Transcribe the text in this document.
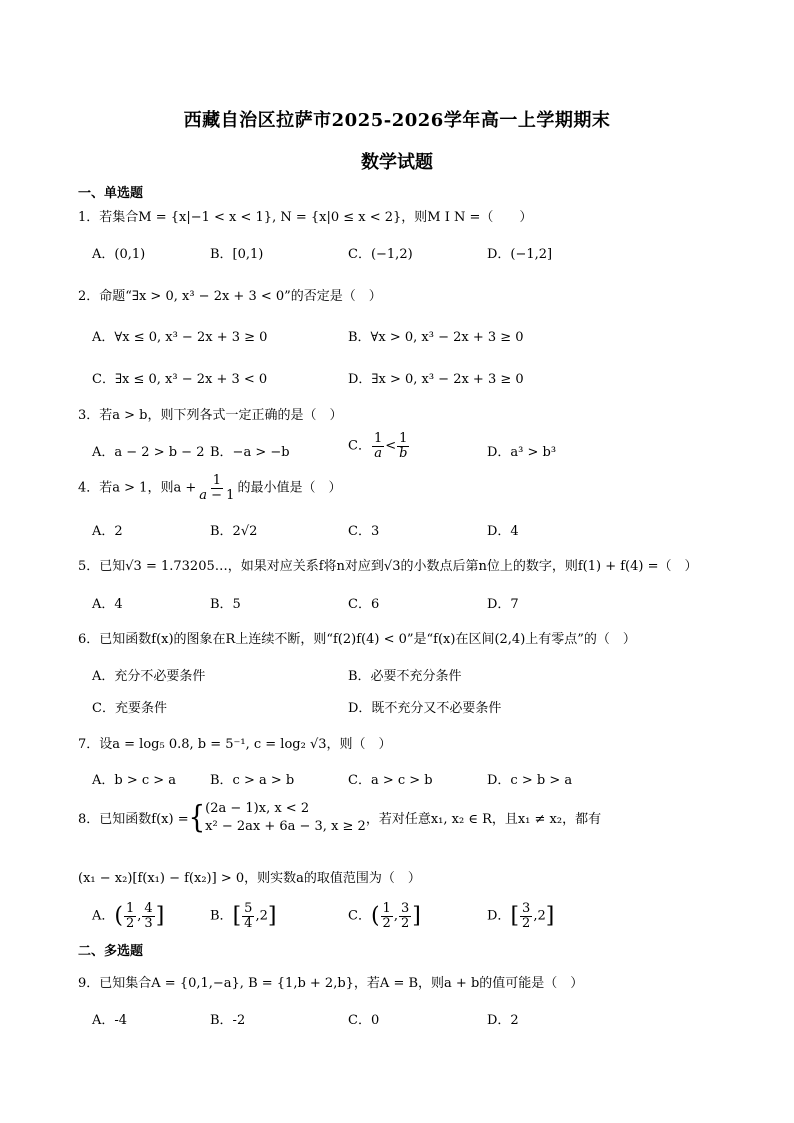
西藏自治区拉萨市2025-2026学年高一上学期期末
数学试题
一、单选题
1．若集合M = {x|−1 < x < 1}, N = {x|0 ≤ x < 2}，则M I N =（　　）
A．(0,1)	B．[0,1)	C．(−1,2)	D．(−1,2]
2．命题“∃x > 0, x³ − 2x + 3 < 0”的否定是（　）
A．∀x ≤ 0, x³ − 2x + 3 ≥ 0	B．∀x > 0, x³ − 2x + 3 ≥ 0
C．∃x ≤ 0, x³ − 2x + 3 < 0	D．∃x > 0, x³ − 2x + 3 ≥ 0
3．若a > b，则下列各式一定正确的是（　）
A．a − 2 > b − 2 B．−a > −b	C． $\frac{1}{a} < \frac{1}{b}$	D．a³ > b³
4．若a > 1，则$a + \frac{1}{a - 1}$ 的最小值是（　）
A．2	B．2√2	C．3	D．4
5．已知√3 = 1.73205…，如果对应关系f将n对应到√3的小数点后第n位上的数字，则f(1) + f(4) =（　）
A．4	B．5	C．6	D．7
6．已知函数f(x)的图象在R上连续不断，则“f(2)f(4) < 0”是“f(x)在区间(2,4)上有零点”的（　）
A．充分不必要条件	B．必要不充分条件
C．充要条件	D．既不充分又不必要条件
7．设a = log₅ 0.8, b = 5⁻¹, c = log₂ √3，则（　）
A．b > c > a	B．c > a > b	C．a > c > b	D．c > b > a
8．已知函数f(x) ={ (2a − 1)x, x < 2
x² − 2ax + 6a − 3, x ≥ 2 ，若对任意x₁, x₂ ∈ R，且x₁ ≠ x₂，都有
(x₁ − x₂)[f(x₁) − f(x₂)] > 0，则实数a的取值范围为（　）
A．( $\frac{1}{2}$ , $\frac{4}{3}$ ]	B．[ $\frac{5}{4} ,2$]	C．( $\frac{1}{2}$ , $\frac{3}{2}$ ]	D．[ $\frac{3}{2} ,2$]
二、多选题
9．已知集合A = {0,1,−a}, B = {1,b + 2,b}，若A = B，则a + b的值可能是（　）
A．-4	B．-2	C．0	D．2
